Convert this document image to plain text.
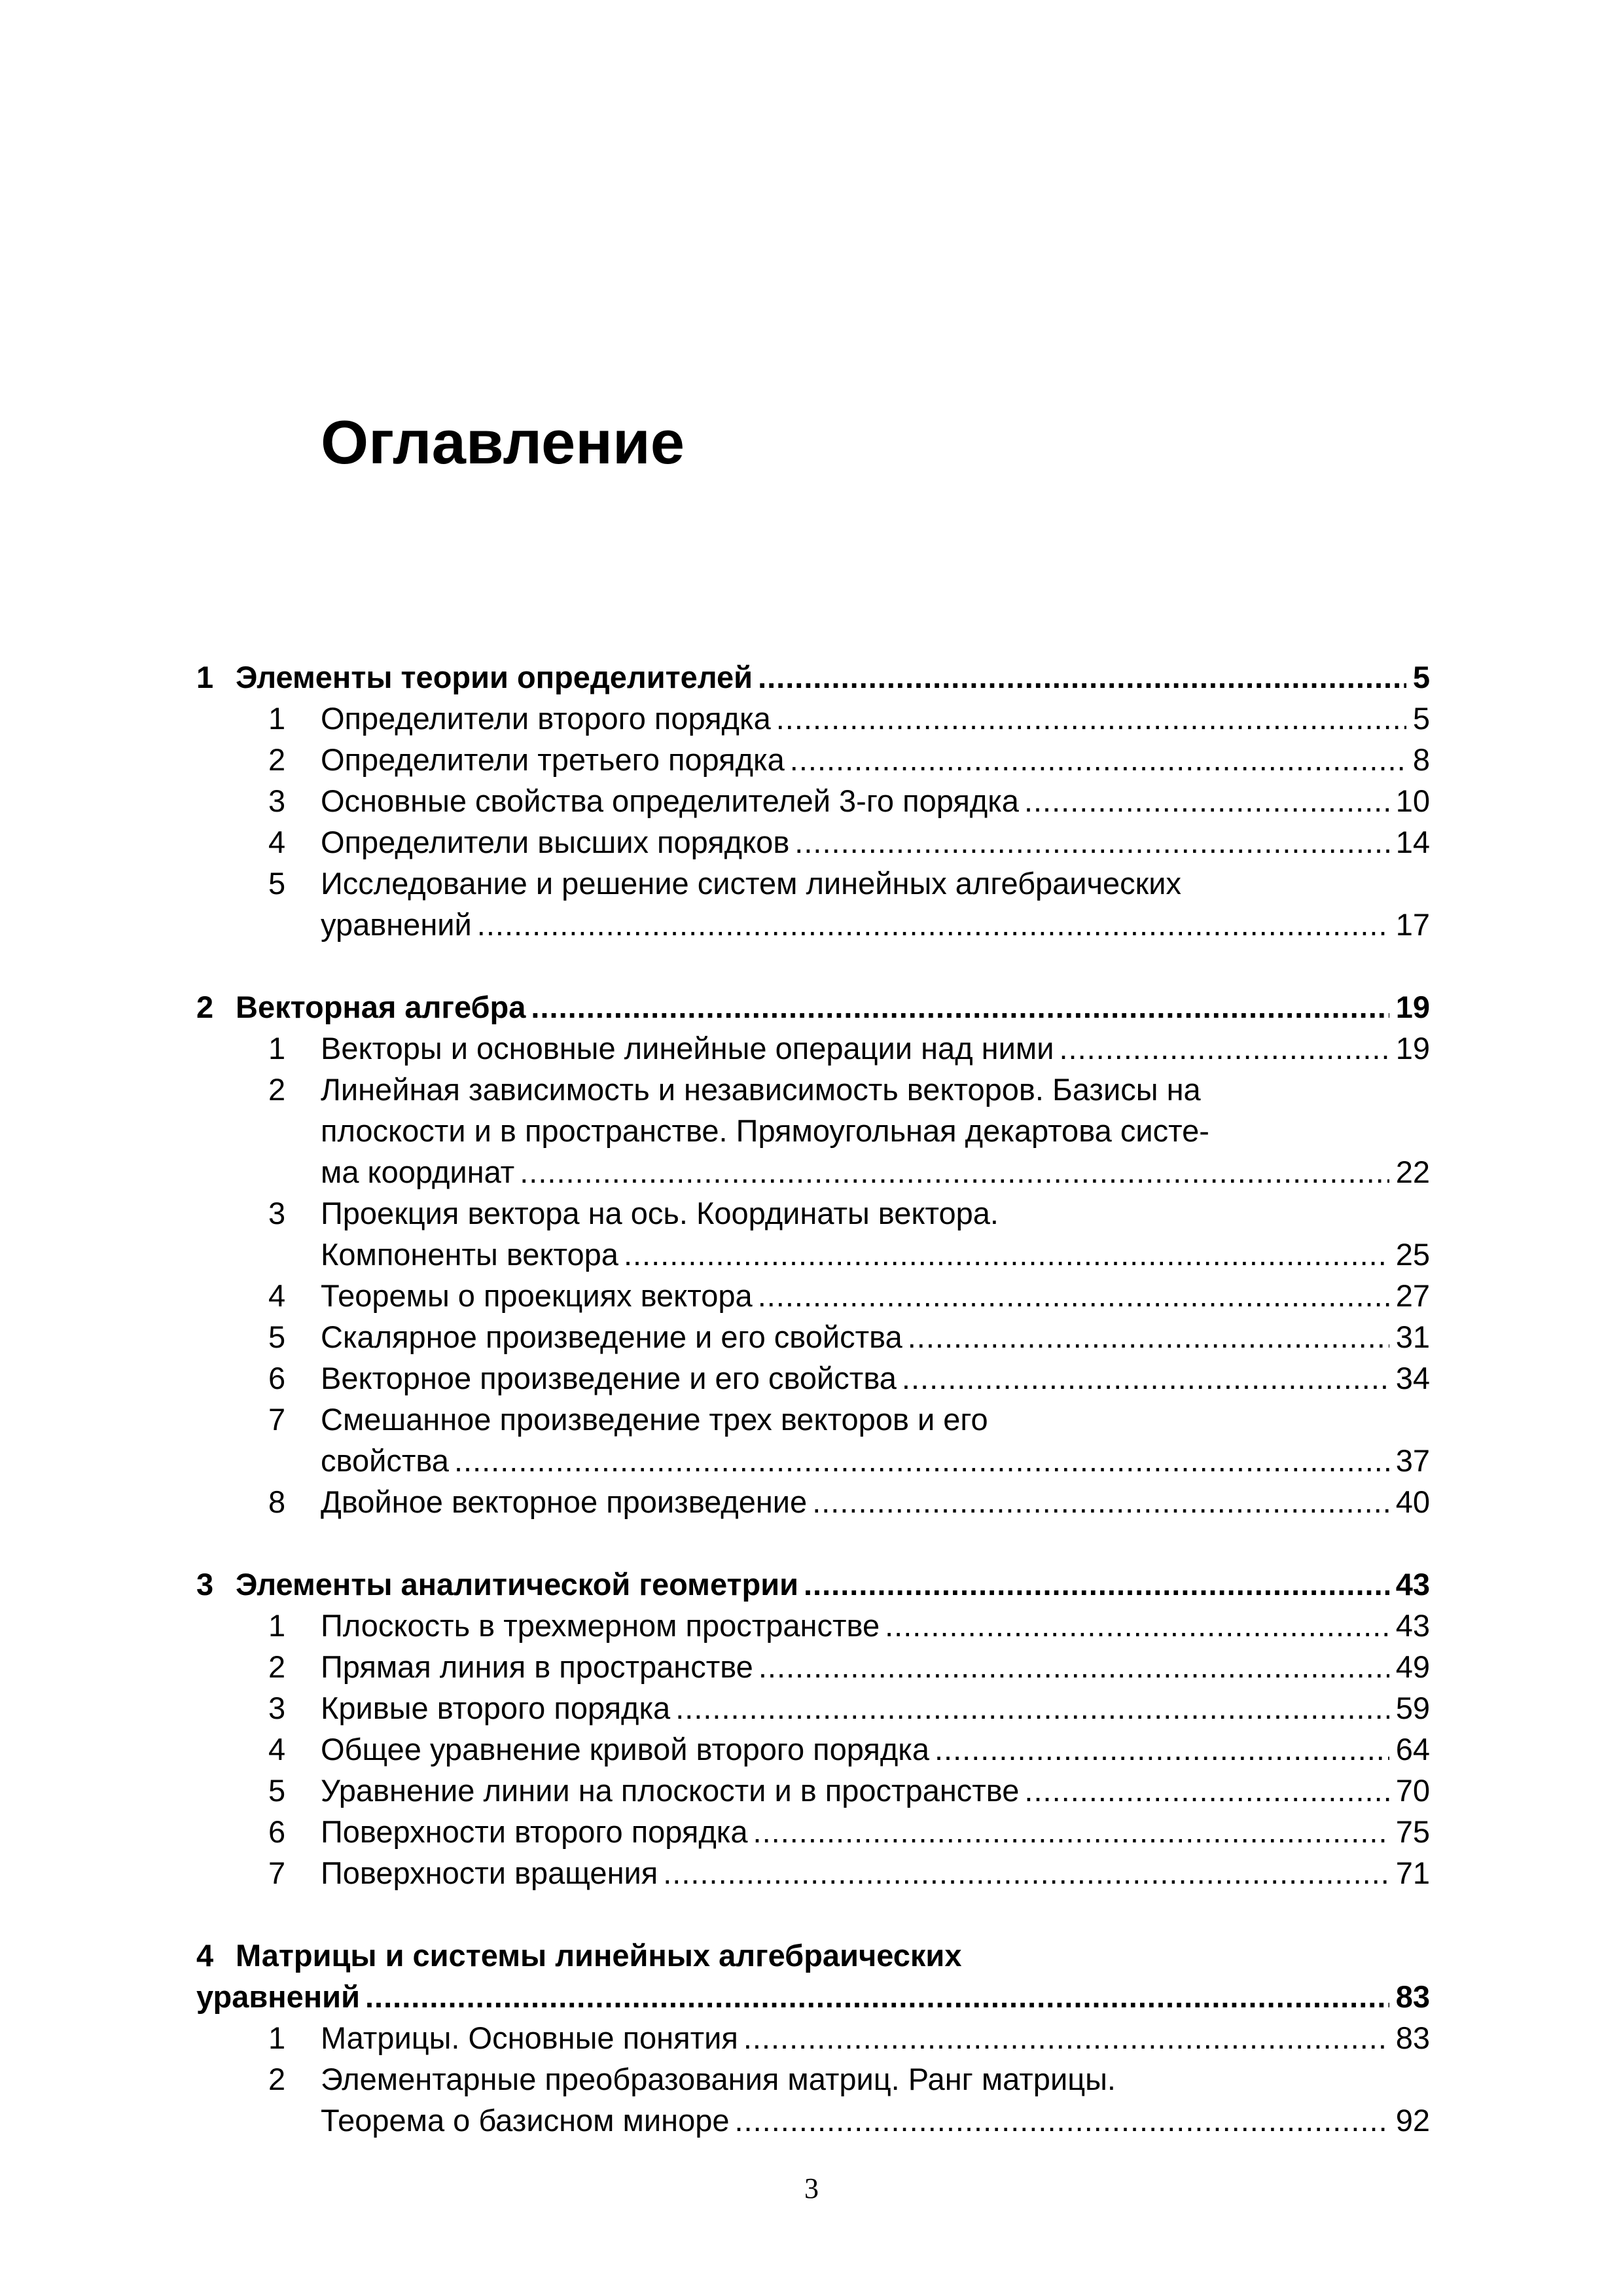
Оглавление
1 Элементы теории определителей .....	5
1 Определители второго порядка .....	5
2 Определители третьего порядка .....	8
3 Основные свойства определителей 3-го порядка .....	10
4 Определители высших порядков .....	14
5 Исследование и решение систем линейных алгебраических
уравнений .....	17
2 Векторная алгебра .....	19
1 Векторы и основные линейные операции над ними .....	19
2 Линейная зависимость и независимость векторов. Базисы на
плоскости и в пространстве. Прямоугольная декартова систе-
ма координат .....	22
3 Проекция вектора на ось. Координаты вектора.
Компоненты вектора .....	25
4 Теоремы о проекциях вектора .....	27
5 Скалярное произведение и его свойства .....	31
6 Векторное произведение и его свойства .....	34
7 Смешанное произведение трех векторов и его
свойства .....	37
8 Двойное векторное произведение .....	40
3 Элементы аналитической геометрии .....	43
1 Плоскость в трехмерном пространстве .....	43
2 Прямая линия в пространстве .....	49
3 Кривые второго порядка .....	59
4 Общее уравнение кривой второго порядка .....	64
5 Уравнение линии на плоскости и в пространстве .....	70
6 Поверхности второго порядка .....	75
7 Поверхности вращения .....	71
4 Матрицы и системы линейных алгебраических
уравнений .....	83
1 Матрицы. Основные понятия .....	83
2 Элементарные преобразования матриц. Ранг матрицы.
Теорема о базисном миноре .....	92
3
